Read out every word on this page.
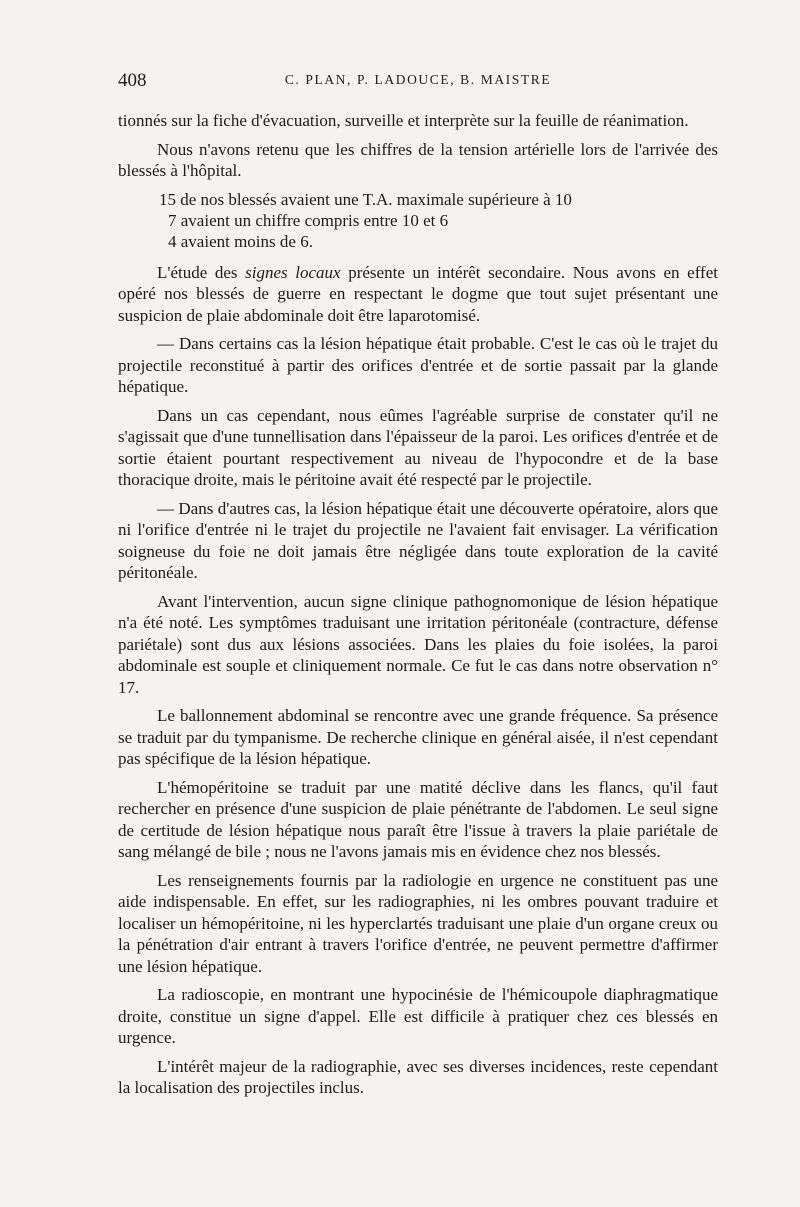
408	C. PLAN, P. LADOUCE, B. MAISTRE

tionnés sur la fiche d'évacuation, surveille et interprète sur la feuille de réanimation.

Nous n'avons retenu que les chiffres de la tension artérielle lors de l'arrivée des blessés à l'hôpital.

15 de nos blessés avaient une T.A. maximale supérieure à 10
7 avaient un chiffre compris entre 10 et 6
4 avaient moins de 6.

L'étude des signes locaux présente un intérêt secondaire. Nous avons en effet opéré nos blessés de guerre en respectant le dogme que tout sujet présentant une suspicion de plaie abdominale doit être laparotomisé.

— Dans certains cas la lésion hépatique était probable. C'est le cas où le trajet du projectile reconstitué à partir des orifices d'entrée et de sortie passait par la glande hépatique.

Dans un cas cependant, nous eûmes l'agréable surprise de constater qu'il ne s'agissait que d'une tunnellisation dans l'épaisseur de la paroi. Les orifices d'entrée et de sortie étaient pourtant respectivement au niveau de l'hypocondre et de la base thoracique droite, mais le péritoine avait été respecté par le projectile.

— Dans d'autres cas, la lésion hépatique était une découverte opératoire, alors que ni l'orifice d'entrée ni le trajet du projectile ne l'avaient fait envisager. La vérification soigneuse du foie ne doit jamais être négligée dans toute exploration de la cavité péritonéale.

Avant l'intervention, aucun signe clinique pathognomonique de lésion hépatique n'a été noté. Les symptômes traduisant une irritation péritonéale (contracture, défense pariétale) sont dus aux lésions associées. Dans les plaies du foie isolées, la paroi abdominale est souple et cliniquement normale. Ce fut le cas dans notre observation n° 17.

Le ballonnement abdominal se rencontre avec une grande fréquence. Sa présence se traduit par du tympanisme. De recherche clinique en général aisée, il n'est cependant pas spécifique de la lésion hépatique.

L'hémopéritoine se traduit par une matité déclive dans les flancs, qu'il faut rechercher en présence d'une suspicion de plaie pénétrante de l'abdomen. Le seul signe de certitude de lésion hépatique nous paraît être l'issue à travers la plaie pariétale de sang mélangé de bile ; nous ne l'avons jamais mis en évidence chez nos blessés.

Les renseignements fournis par la radiologie en urgence ne constituent pas une aide indispensable. En effet, sur les radiographies, ni les ombres pouvant traduire et localiser un hémopéritoine, ni les hyperclartés traduisant une plaie d'un organe creux ou la pénétration d'air entrant à travers l'orifice d'entrée, ne peuvent permettre d'affirmer une lésion hépatique.

La radioscopie, en montrant une hypocinésie de l'hémicoupole diaphragmatique droite, constitue un signe d'appel. Elle est difficile à pratiquer chez ces blessés en urgence.

L'intérêt majeur de la radiographie, avec ses diverses incidences, reste cependant la localisation des projectiles inclus.
